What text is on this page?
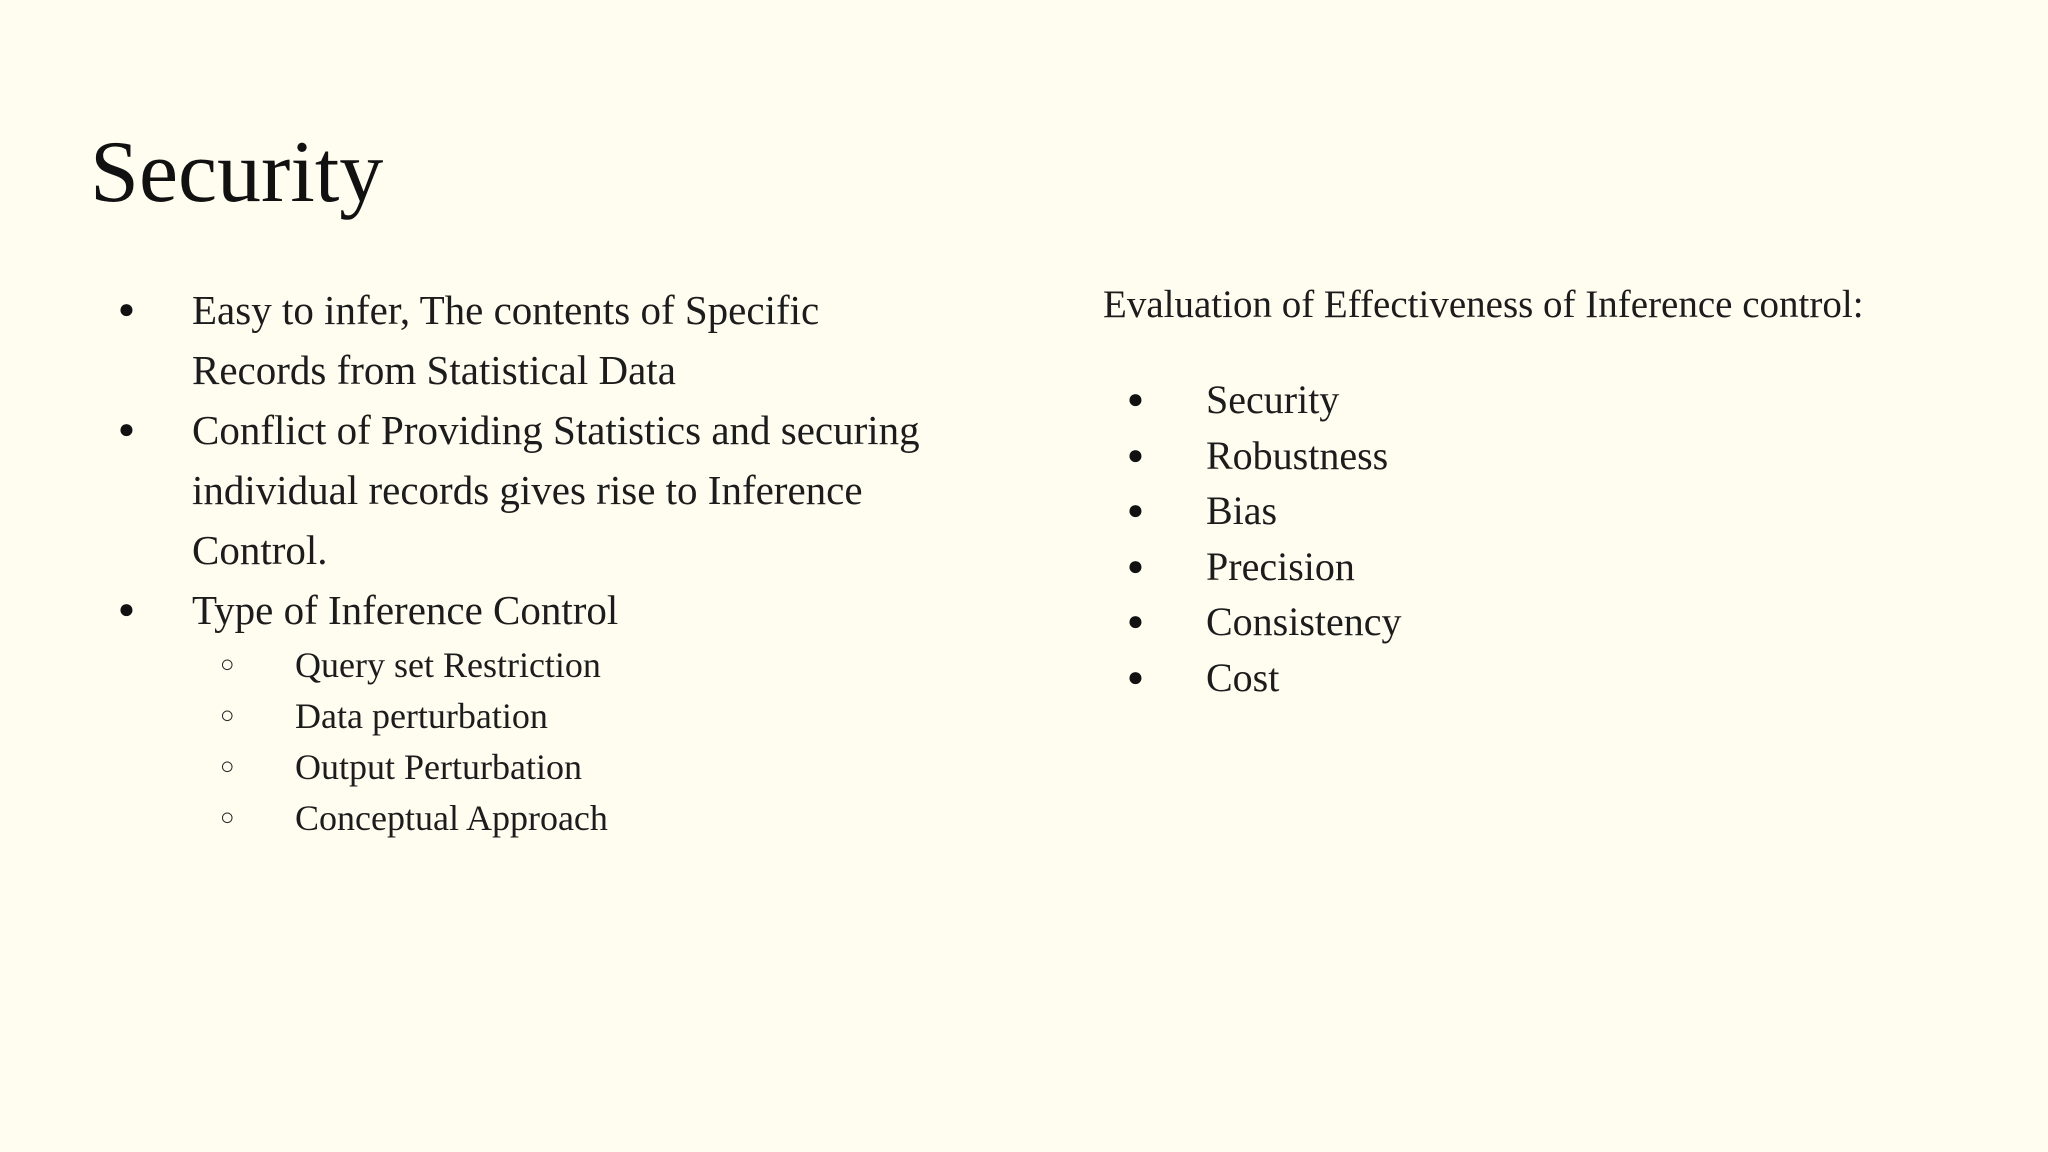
Security
● Easy to infer, The contents of Specific Records from Statistical Data
● Conflict of Providing Statistics and securing individual records gives rise to Inference Control.
● Type of Inference Control
○ Query set Restriction
○ Data perturbation
○ Output Perturbation
○ Conceptual Approach

Evaluation of Effectiveness of Inference control:

● Security
● Robustness
● Bias
● Precision
● Consistency
● Cost
